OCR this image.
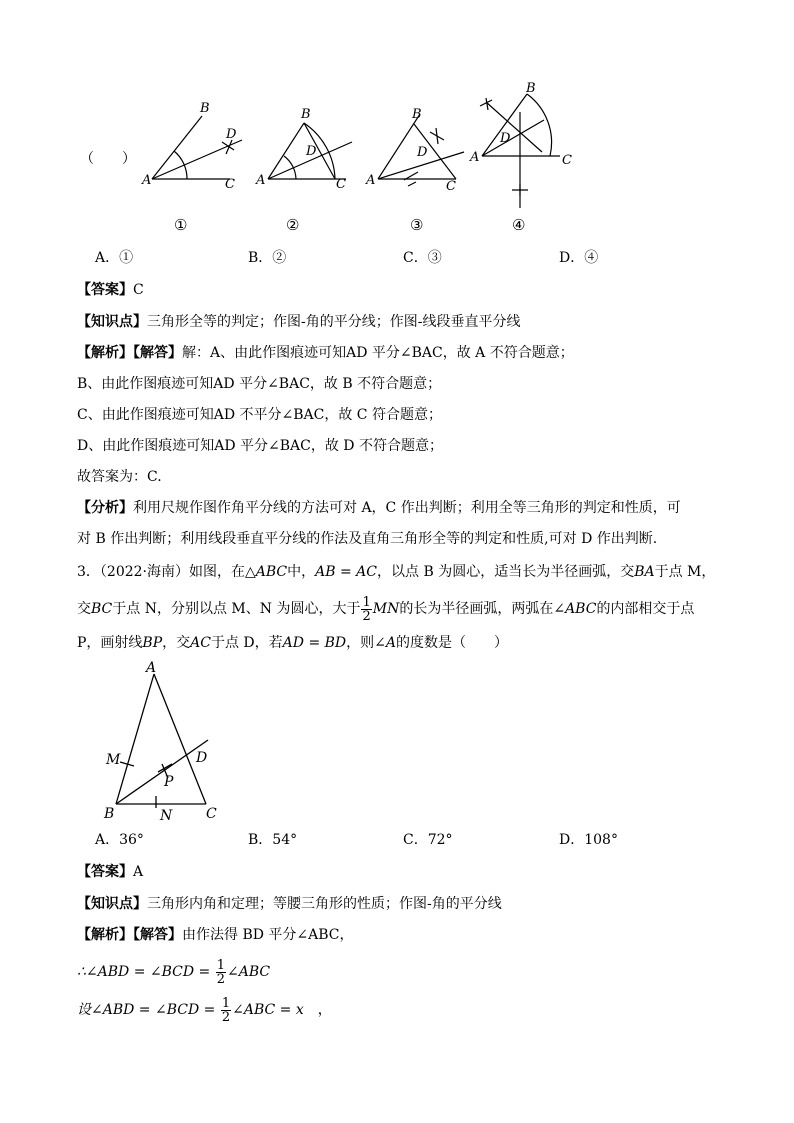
（　　）
B
D
A	C
①
B
D
A	C
②
B
D
A	C
③
B
D
A	C
④
A．①	B．②	C．③	D．④
【答案】C
【知识点】三角形全等的判定；作图-角的平分线；作图-线段垂直平分线
【解析】【解答】解：A、由此作图痕迹可知AD 平分∠BAC，故 A 不符合题意；
B、由此作图痕迹可知AD 平分∠BAC，故 B 不符合题意；
C、由此作图痕迹可知AD 不平分∠BAC，故 C 符合题意；
D、由此作图痕迹可知AD 平分∠BAC，故 D 不符合题意；
故答案为：C.
【分析】利用尺规作图作角平分线的方法可对 A，C 作出判断；利用全等三角形的判定和性质，可
对 B 作出判断；利用线段垂直平分线的作法及直角三角形全等的判定和性质,可对 D 作出判断.
3．（2022·海南）如图，在△ABC中，AB = AC，以点 B 为圆心，适当长为半径画弧，交BA于点 M，
交BC于点 N，分别以点 M、N 为圆心，大于 $\frac{1}{2}$ MN的长为半径画弧，两弧在∠ABC的内部相交于点
P，画射线BP，交AC于点 D，若AD = BD，则∠A的度数是（　　）
A
M	D
P
B	N C
A．36°	B．54°	C．72°	D．108°
【答案】A
【知识点】三角形内角和定理；等腰三角形的性质；作图-角的平分线
【解析】【解答】由作法得 BD 平分∠ABC，
∴∠ABD = ∠BCD = $\frac{1}{2}$ ∠ABC
设∠ABD = ∠BCD = $\frac{1}{2}$ ∠ABC = x ，
